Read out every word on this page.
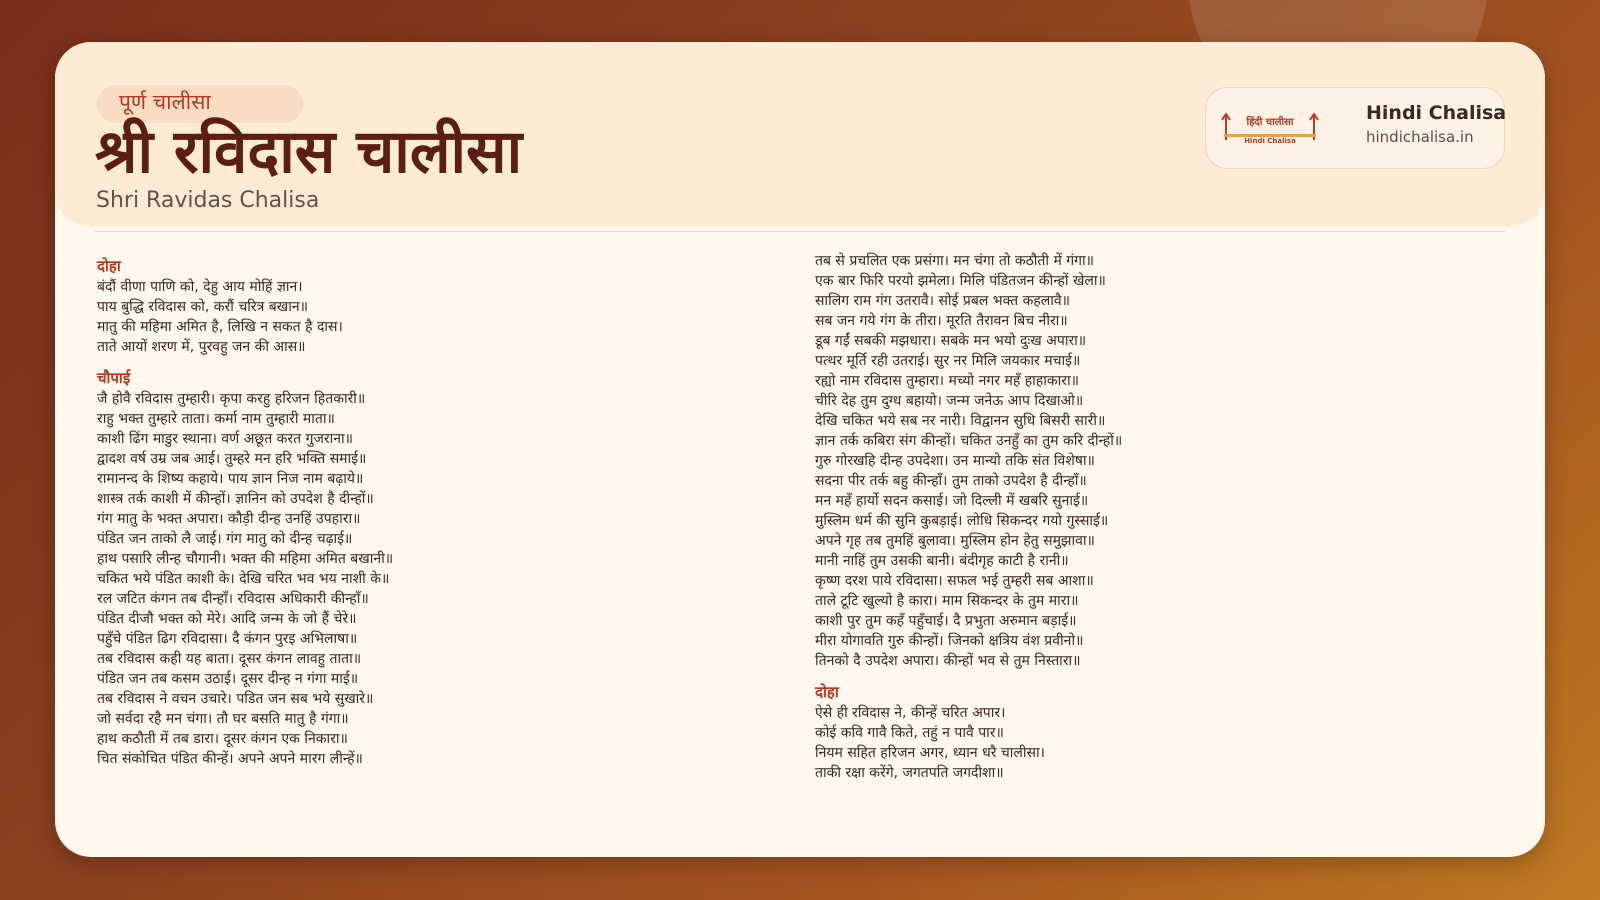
पूर्ण चालीसा
श्री रविदास चालीसा
Shri Ravidas Chalisa
हिंदी चालीसा
Hindi Chalisa
Hindi Chalisa
hindichalisa.in
दोहा
बंदौं वीणा पाणि को, देहु आय मोहिं ज्ञान।
पाय बुद्धि रविदास को, करौं चरित्र बखान॥
मातु की महिमा अमित है, लिखि न सकत है दास।
ताते आयों शरण में, पुरवहु जन की आस॥
चौपाई
जै होवै रविदास तुम्हारी। कृपा करहु हरिजन हितकारी॥
राहु भक्त तुम्हारे ताता। कर्मा नाम तुम्हारी माता॥
काशी ढिंग माडुर स्थाना। वर्ण अछूत करत गुजराना॥
द्वादश वर्ष उम्र जब आई। तुम्हरे मन हरि भक्ति समाई॥
रामानन्द के शिष्य कहाये। पाय ज्ञान निज नाम बढ़ाये॥
शास्त्र तर्क काशी में कीन्हों। ज्ञानिन को उपदेश है दीन्हों॥
गंग मातु के भक्त अपारा। कौड़ी दीन्ह उनहिं उपहारा॥
पंडित जन ताको लै जाई। गंग मातु को दीन्ह चढ़ाई॥
हाथ पसारि लीन्ह चौगानी। भक्त की महिमा अमित बखानी॥
चकित भये पंडित काशी के। देखि चरित भव भय नाशी के॥
रल जटित कंगन तब दीन्हाँ। रविदास अधिकारी कीन्हाँ॥
पंडित दीजौ भक्त को मेरे। आदि जन्म के जो हैं चेरे॥
पहुँचे पंडित ढिग रविदासा। दै कंगन पुरइ अभिलाषा॥
तब रविदास कही यह बाता। दूसर कंगन लावहु ताता॥
पंडित जन तब कसम उठाई। दूसर दीन्ह न गंगा माई॥
तब रविदास ने वचन उचारे। पडित जन सब भये सुखारे॥
जो सर्वदा रहै मन चंगा। तौ घर बसति मातु है गंगा॥
हाथ कठौती में तब डारा। दूसर कंगन एक निकारा॥
चित संकोचित पंडित कीन्हें। अपने अपने मारग लीन्हें॥
तब से प्रचलित एक प्रसंगा। मन चंगा तो कठौती में गंगा॥
एक बार फिरि परयो झमेला। मिलि पंडितजन कीन्हों खेला॥
सालिग राम गंग उतरावै। सोई प्रबल भक्त कहलावै॥
सब जन गये गंग के तीरा। मूरति तैरावन बिच नीरा॥
डूब गईं सबकी मझधारा। सबके मन भयो दुःख अपारा॥
पत्थर मूर्ति रही उतराई। सुर नर मिलि जयकार मचाई॥
रह्यो नाम रविदास तुम्हारा। मच्यो नगर महँ हाहाकारा॥
चीरि देह तुम दुग्ध बहायो। जन्म जनेऊ आप दिखाओ॥
देखि चकित भये सब नर नारी। विद्वानन सुधि बिसरी सारी॥
ज्ञान तर्क कबिरा संग कीन्हों। चकित उनहुँ का तुम करि दीन्हों॥
गुरु गोरखहि दीन्ह उपदेशा। उन मान्यो तकि संत विशेषा॥
सदना पीर तर्क बहु कीन्हाँ। तुम ताको उपदेश है दीन्हाँ॥
मन महँ हार्यो सदन कसाई। जो दिल्ली में खबरि सुनाई॥
मुस्लिम धर्म की सुनि कुबड़ाई। लोधि सिकन्दर गयो गुस्साई॥
अपने गृह तब तुमहिं बुलावा। मुस्लिम होन हेतु समुझावा॥
मानी नाहिं तुम उसकी बानी। बंदीगृह काटी है रानी॥
कृष्ण दरश पाये रविदासा। सफल भई तुम्हरी सब आशा॥
ताले टूटि खुल्यो है कारा। माम सिकन्दर के तुम मारा॥
काशी पुर तुम कहँ पहुँचाई। दै प्रभुता अरुमान बड़ाई॥
मीरा योगावति गुरु कीन्हों। जिनको क्षत्रिय वंश प्रवीनो॥
तिनको दै उपदेश अपारा। कीन्हों भव से तुम निस्तारा॥
दोहा
ऐसे ही रविदास ने, कीन्हें चरित अपार।
कोई कवि गावै किते, तहुं न पावै पार॥
नियम सहित हरिजन अगर, ध्यान धरै चालीसा।
ताकी रक्षा करेंगे, जगतपति जगदीशा॥
